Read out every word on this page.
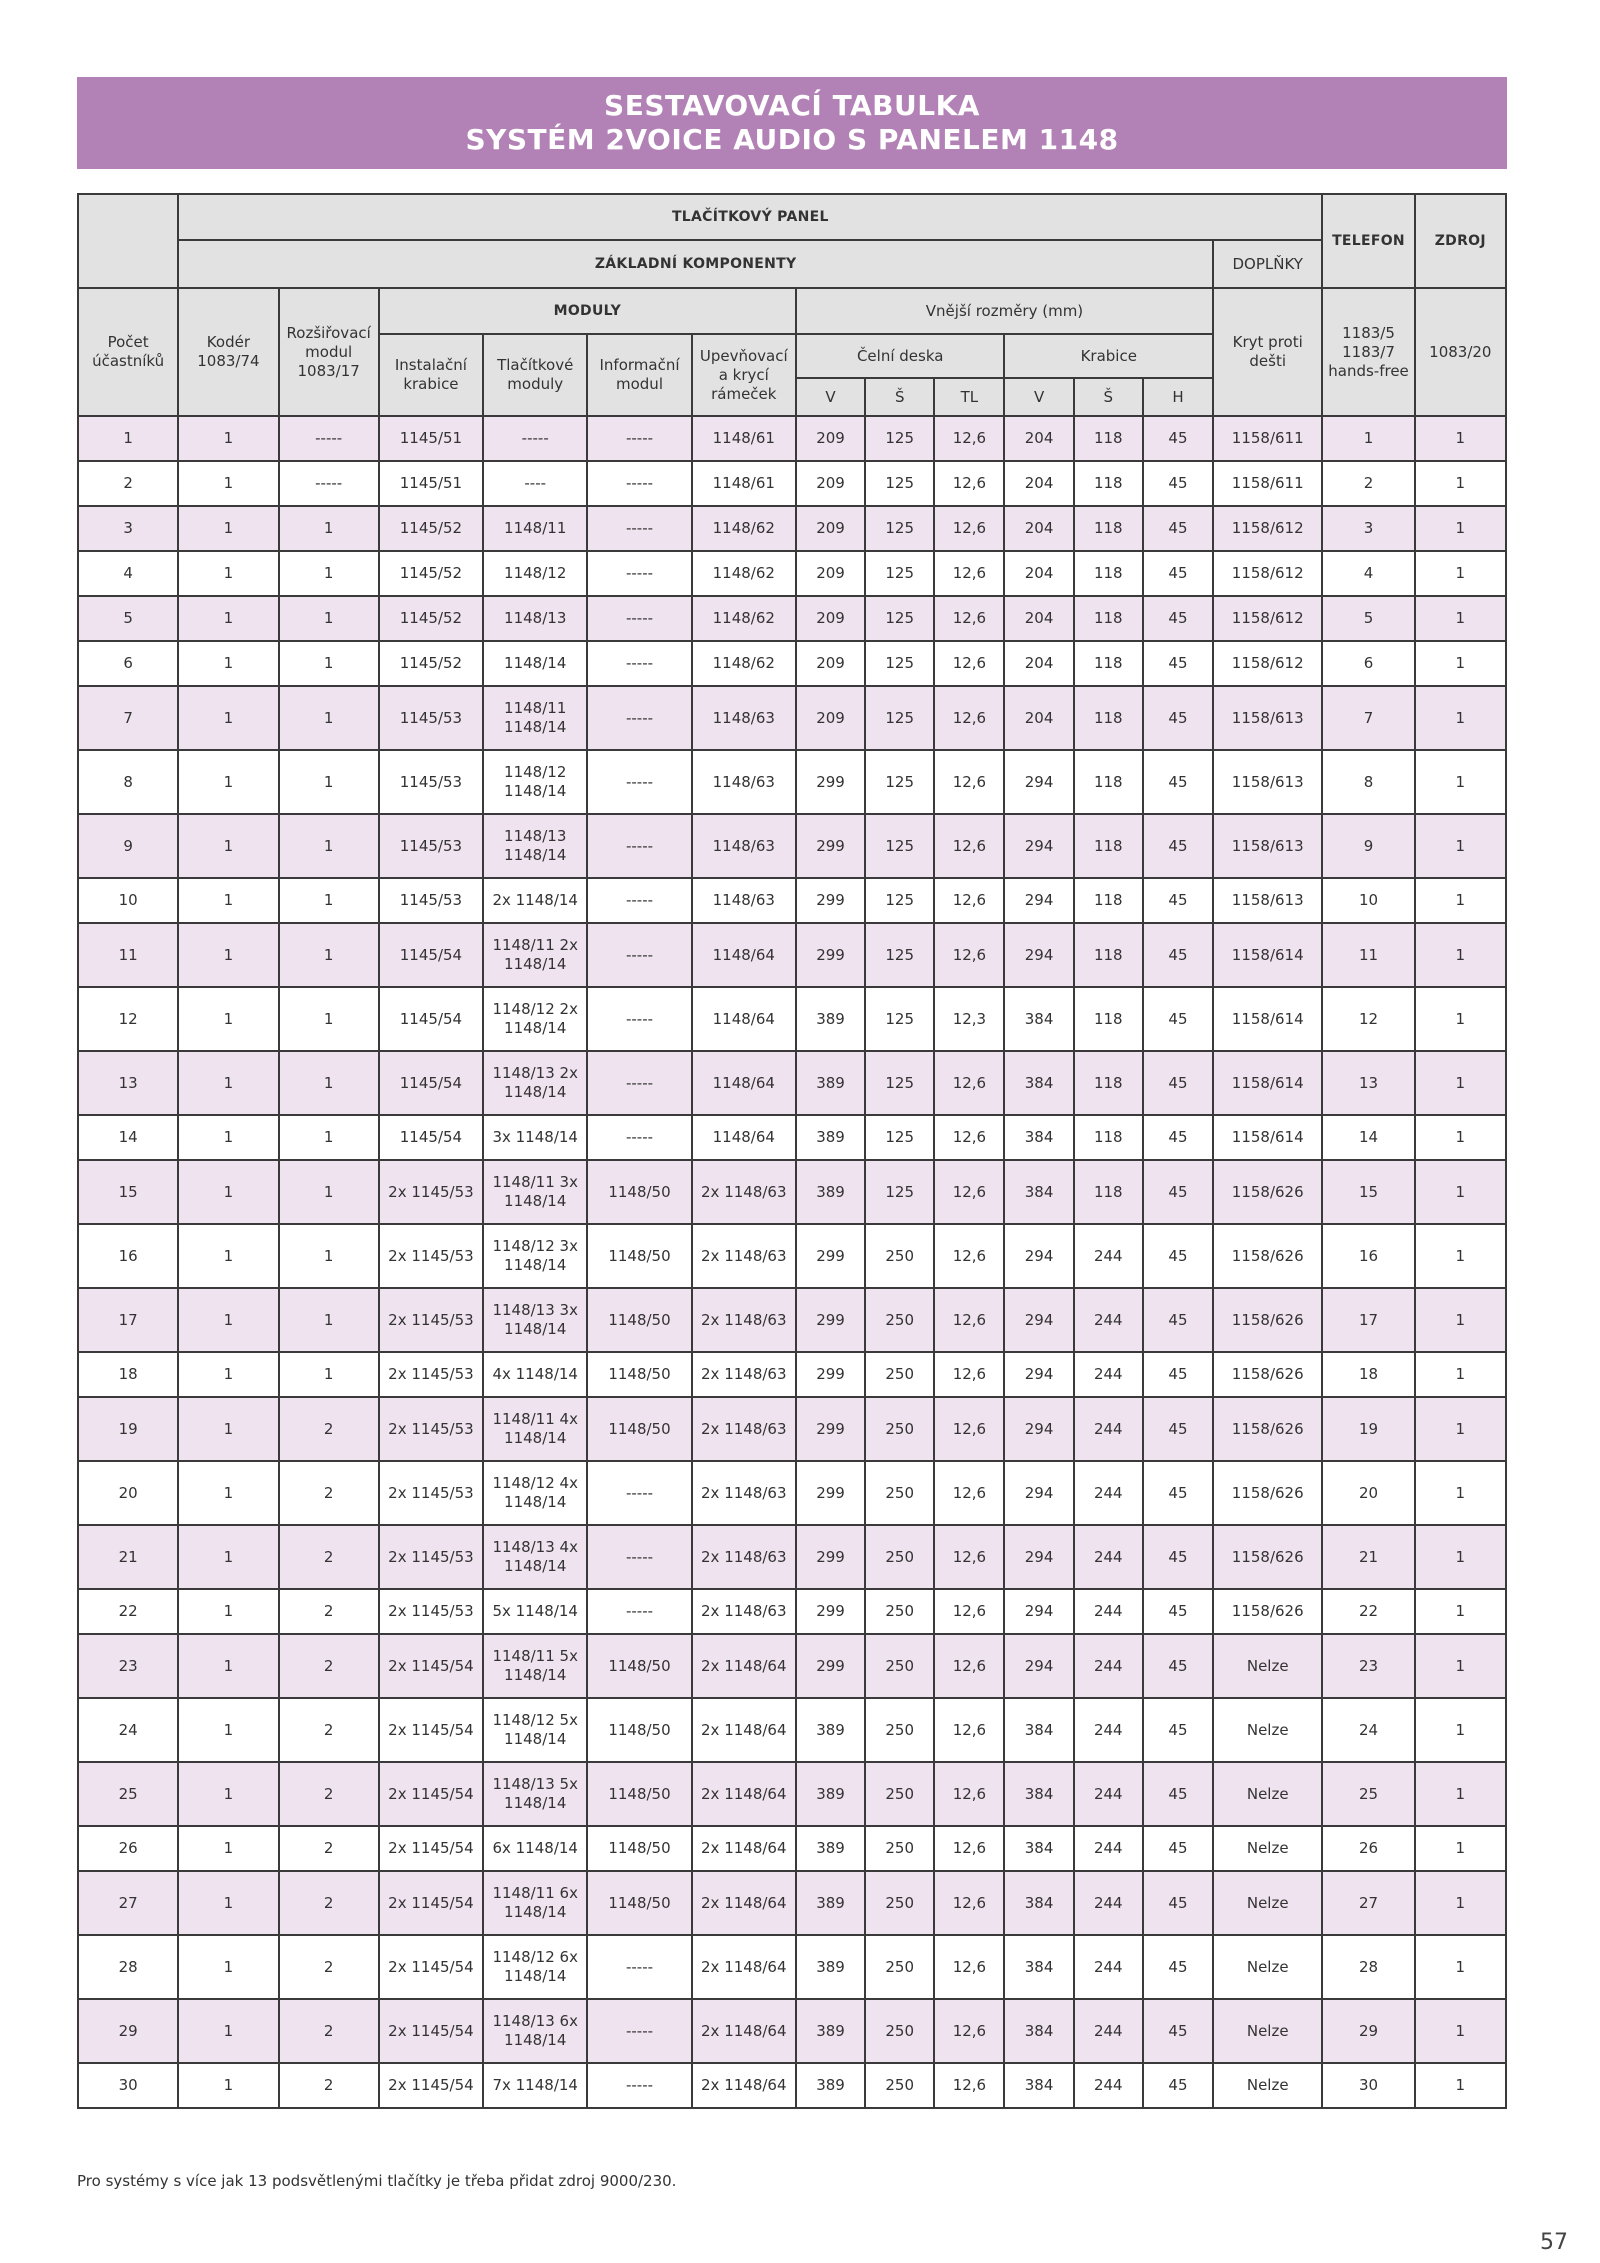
SESTAVOVACÍ TABULKA
SYSTÉM 2VOICE AUDIO S PANELEM 1148
	TLAČÍTKOVÝ PANEL													TELEFON	ZDROJ
	ZÁKLADNÍ KOMPONENTY												DOPLŇKY		
Počet účastníků	Kodér 1083/74	Rozšiřovací modul 1083/17	MODULY				Vnější rozměry (mm)						Kryt proti dešti	1183/5 1183/7 hands-free	1083/20
			Instalační krabice	Tlačítkové moduly	Informační modul	Upevňovací a krycí rámeček	Čelní deska			Krabice					
							V	Š	TL	V	Š	H			
1	1	-----	1145/51	-----	-----	1148/61	209	125	12,6	204	118	45	1158/611	1	1
2	1	-----	1145/51	----	-----	1148/61	209	125	12,6	204	118	45	1158/611	2	1
3	1	1	1145/52	1148/11	-----	1148/62	209	125	12,6	204	118	45	1158/612	3	1
4	1	1	1145/52	1148/12	-----	1148/62	209	125	12,6	204	118	45	1158/612	4	1
5	1	1	1145/52	1148/13	-----	1148/62	209	125	12,6	204	118	45	1158/612	5	1
6	1	1	1145/52	1148/14	-----	1148/62	209	125	12,6	204	118	45	1158/612	6	1
7	1	1	1145/53	1148/11 1148/14	-----	1148/63	209	125	12,6	204	118	45	1158/613	7	1
8	1	1	1145/53	1148/12 1148/14	-----	1148/63	299	125	12,6	294	118	45	1158/613	8	1
9	1	1	1145/53	1148/13 1148/14	-----	1148/63	299	125	12,6	294	118	45	1158/613	9	1
10	1	1	1145/53	2x 1148/14	-----	1148/63	299	125	12,6	294	118	45	1158/613	10	1
11	1	1	1145/54	1148/11 2x 1148/14	-----	1148/64	299	125	12,6	294	118	45	1158/614	11	1
12	1	1	1145/54	1148/12 2x 1148/14	-----	1148/64	389	125	12,3	384	118	45	1158/614	12	1
13	1	1	1145/54	1148/13 2x 1148/14	-----	1148/64	389	125	12,6	384	118	45	1158/614	13	1
14	1	1	1145/54	3x 1148/14	-----	1148/64	389	125	12,6	384	118	45	1158/614	14	1
15	1	1	2x 1145/53	1148/11 3x 1148/14	1148/50	2x 1148/63	389	125	12,6	384	118	45	1158/626	15	1
16	1	1	2x 1145/53	1148/12 3x 1148/14	1148/50	2x 1148/63	299	250	12,6	294	244	45	1158/626	16	1
17	1	1	2x 1145/53	1148/13 3x 1148/14	1148/50	2x 1148/63	299	250	12,6	294	244	45	1158/626	17	1
18	1	1	2x 1145/53	4x 1148/14	1148/50	2x 1148/63	299	250	12,6	294	244	45	1158/626	18	1
19	1	2	2x 1145/53	1148/11 4x 1148/14	1148/50	2x 1148/63	299	250	12,6	294	244	45	1158/626	19	1
20	1	2	2x 1145/53	1148/12 4x 1148/14	-----	2x 1148/63	299	250	12,6	294	244	45	1158/626	20	1
21	1	2	2x 1145/53	1148/13 4x 1148/14	-----	2x 1148/63	299	250	12,6	294	244	45	1158/626	21	1
22	1	2	2x 1145/53	5x 1148/14	-----	2x 1148/63	299	250	12,6	294	244	45	1158/626	22	1
23	1	2	2x 1145/54	1148/11 5x 1148/14	1148/50	2x 1148/64	299	250	12,6	294	244	45	Nelze	23	1
24	1	2	2x 1145/54	1148/12 5x 1148/14	1148/50	2x 1148/64	389	250	12,6	384	244	45	Nelze	24	1
25	1	2	2x 1145/54	1148/13 5x 1148/14	1148/50	2x 1148/64	389	250	12,6	384	244	45	Nelze	25	1
26	1	2	2x 1145/54	6x 1148/14	1148/50	2x 1148/64	389	250	12,6	384	244	45	Nelze	26	1
27	1	2	2x 1145/54	1148/11 6x 1148/14	1148/50	2x 1148/64	389	250	12,6	384	244	45	Nelze	27	1
28	1	2	2x 1145/54	1148/12 6x 1148/14	-----	2x 1148/64	389	250	12,6	384	244	45	Nelze	28	1
29	1	2	2x 1145/54	1148/13 6x 1148/14	-----	2x 1148/64	389	250	12,6	384	244	45	Nelze	29	1
30	1	2	2x 1145/54	7x 1148/14	-----	2x 1148/64	389	250	12,6	384	244	45	Nelze	30	1
Pro systémy s více jak 13 podsvětlenými tlačítky je třeba přidat zdroj 9000/230.
57
